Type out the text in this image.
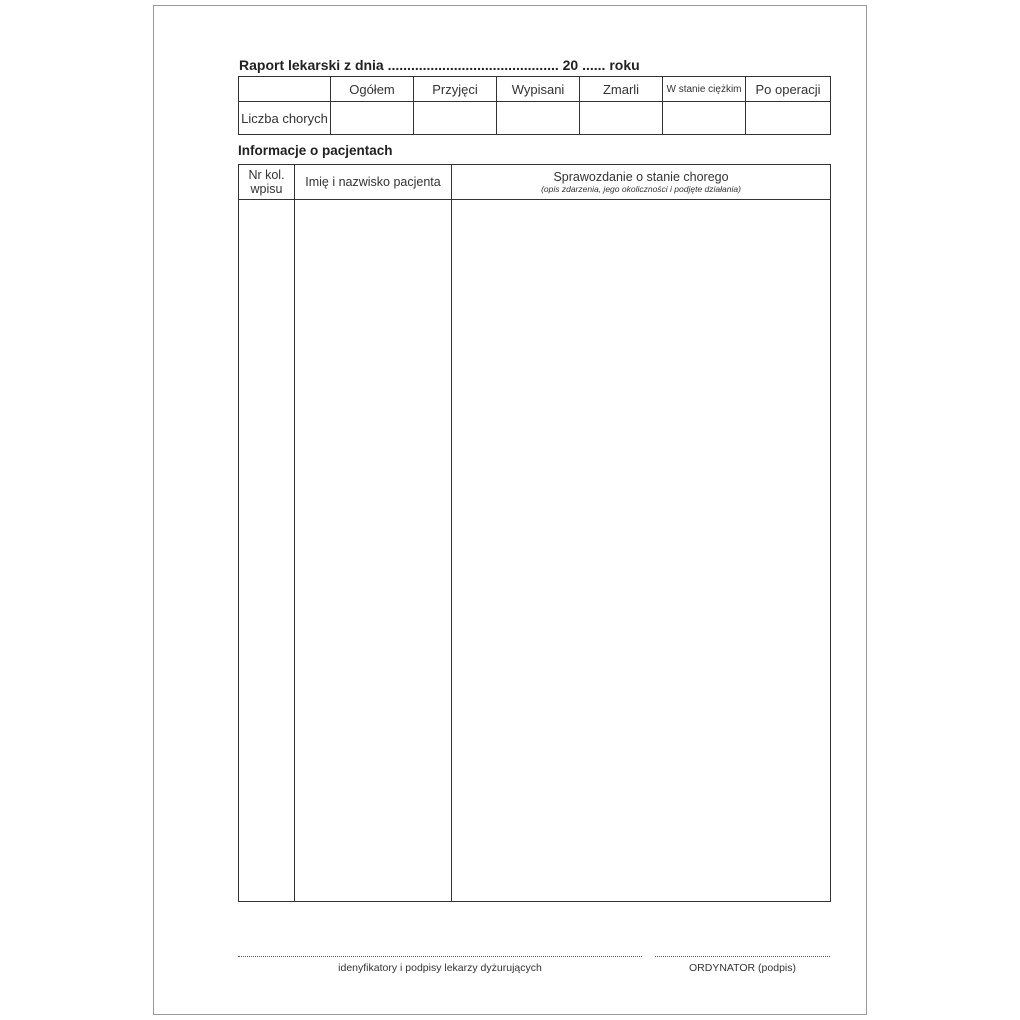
Raport lekarski z dnia ............................................ 20 ...... roku
	Ogółem	Przyjęci	Wypisani	Zmarli	W stanie ciężkim	Po operacji
Liczba chorych						
Informacje o pacjentach
Nr kol. wpisu	Imię i nazwisko pacjenta	Sprawozdanie o stanie chorego
(opis zdarzenia, jego okoliczności i podjęte działania)

idenyfikatory i podpisy lekarzy dyżurujących	ORDYNATOR (podpis)
